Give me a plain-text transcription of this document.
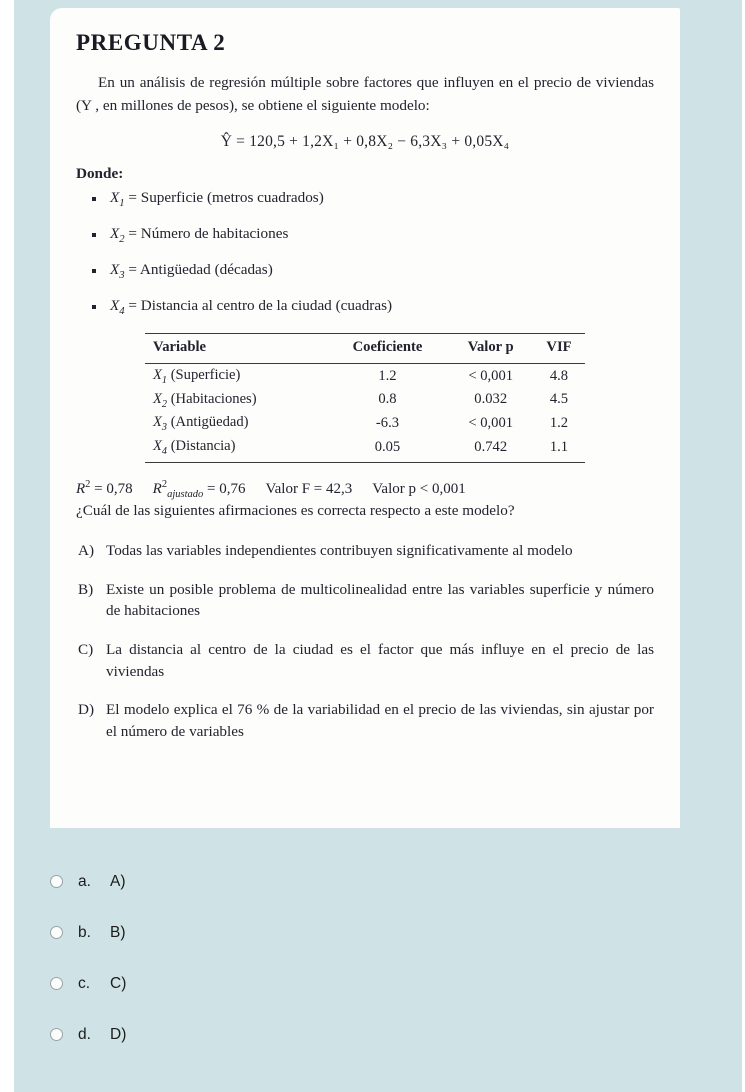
PREGUNTA 2

En un análisis de regresión múltiple sobre factores que influyen en el precio de viviendas (Y , en millones de pesos), se obtiene el siguiente modelo:

Ŷ = 120,5 + 1,2X₁ + 0,8X₂ − 6,3X₃ + 0,05X₄

Donde:

$X_1$ = Superficie (metros cuadrados)
$X_2$ = Número de habitaciones
$X_3$ = Antigüedad (décadas)
$X_4$ = Distancia al centro de la ciudad (cuadras)
Variable	Coeficiente	Valor p	VIF
$X_1$ (Superficie)	1.2	< 0,001	4.8
$X_2$ (Habitaciones)	0.8	0.032	4.5
$X_3$ (Antigüedad)	-6.3	< 0,001	1.2
$X_4$ (Distancia)	0.05	0.742	1.1
$R^2 = 0,78$ $R^2_{ajustado} = 0,76$ Valor F = 42,3 Valor p < 0,001

¿Cuál de las siguientes afirmaciones es correcta respecto a este modelo?

A) Todas las variables independientes contribuyen significativamente al modelo
B) Existe un posible problema de multicolinealidad entre las variables superficie y número de habitaciones
C) La distancia al centro de la ciudad es el factor que más influye en el precio de las viviendas
D) El modelo explica el 76 % de la variabilidad en el precio de las viviendas, sin ajustar por el número de variables
a.	A)
b.	B)
c.	C)
d.	D)
